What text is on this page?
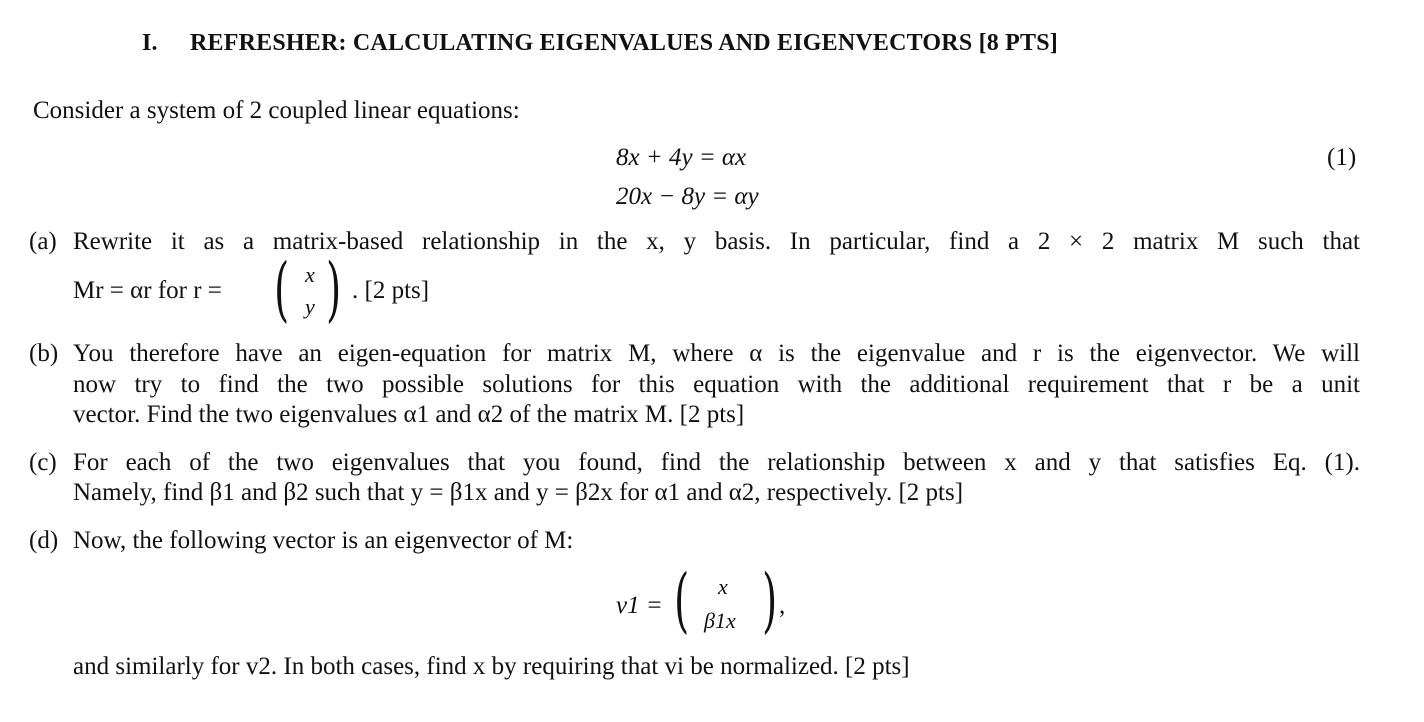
I. REFRESHER: CALCULATING EIGENVALUES AND EIGENVECTORS [8 PTS]
Consider a system of 2 coupled linear equations:
8x + 4y = αx
20x − 8y = αy
(1)
(a) Rewrite it as a matrix-based relationship in the x, y basis. In particular, find a 2 × 2 matrix M such that
Mr = αr for r = ( x
y ) . [2 pts]
(b) You therefore have an eigen-equation for matrix M, where α is the eigenvalue and r is the eigenvector. We will
now try to find the two possible solutions for this equation with the additional requirement that r be a unit
vector. Find the two eigenvalues α1 and α2 of the matrix M. [2 pts]
(c) For each of the two eigenvalues that you found, find the relationship between x and y that satisfies Eq. (1).
Namely, find β1 and β2 such that y = β1x and y = β2x for α1 and α2, respectively. [2 pts]
(d) Now, the following vector is an eigenvector of M:
v1 = ( x
β1x ) ,
and similarly for v2. In both cases, find x by requiring that vi be normalized. [2 pts]
